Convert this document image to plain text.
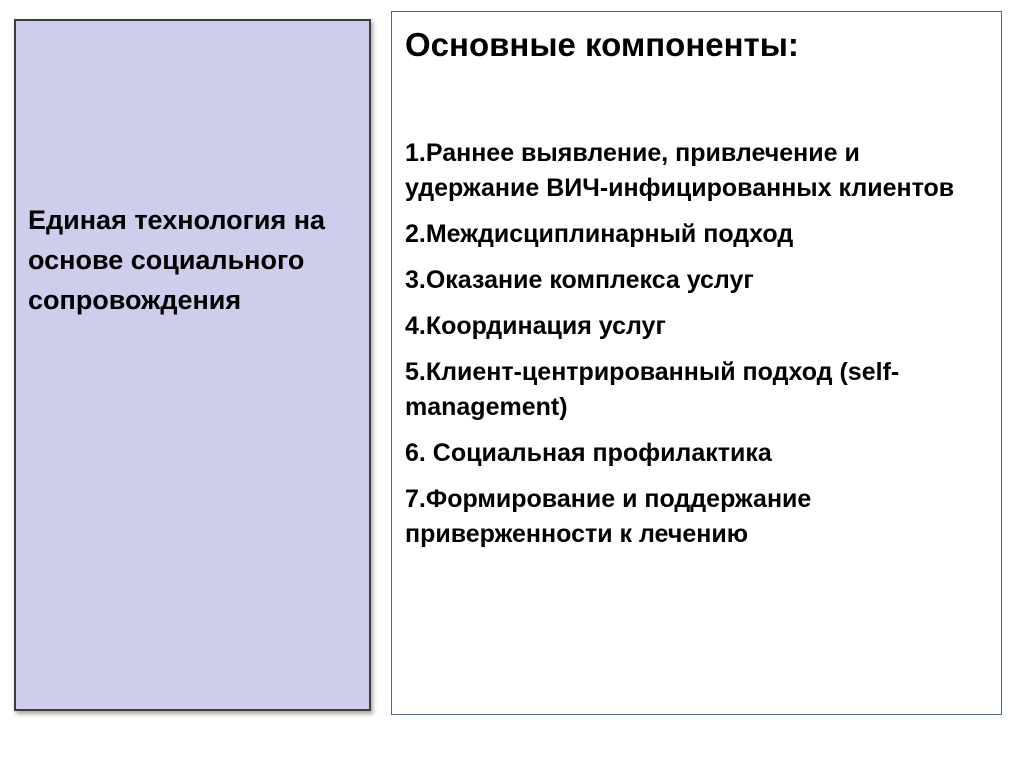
Единая технология на основе социального сопровождения

Основные компоненты:
1.Раннее выявление, привлечение и удержание ВИЧ-инфицированных клиентов
2.Междисциплинарный подход
3.Оказание комплекса услуг
4.Координация услуг
5.Клиент-центрированный подход (self-management)
6. Социальная профилактика
7.Формирование и поддержание приверженности к лечению
